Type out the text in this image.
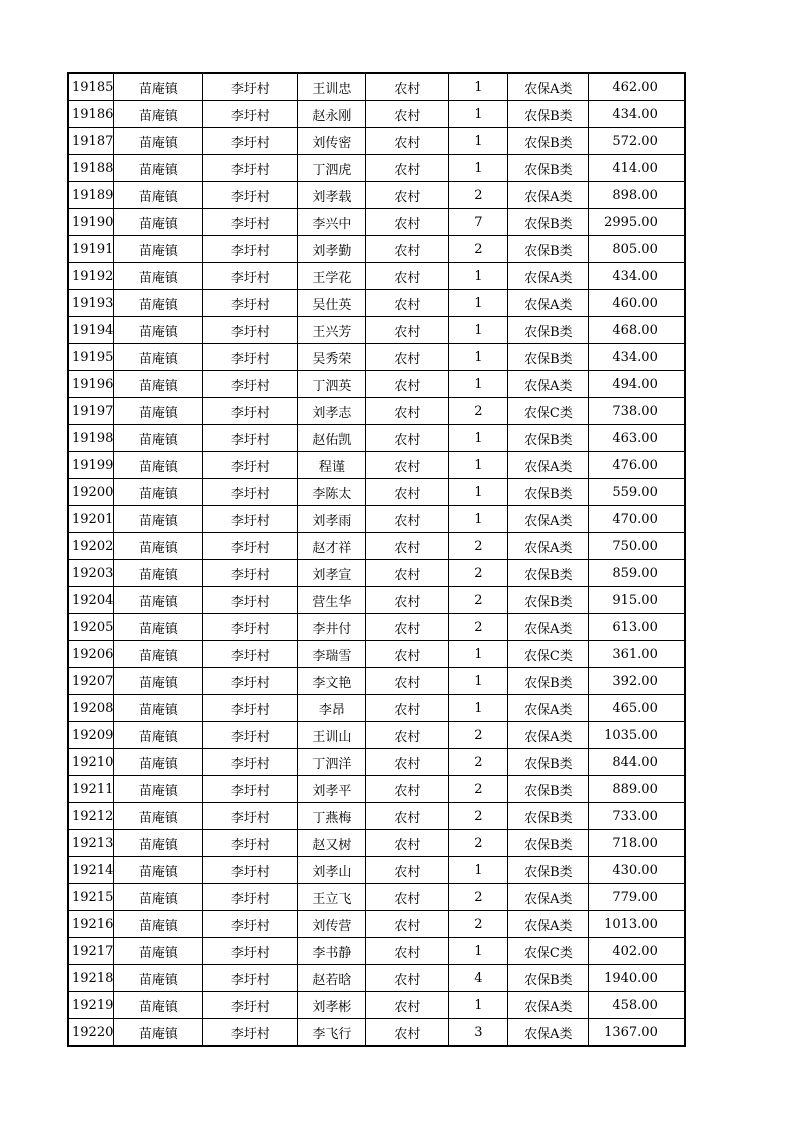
19185	苗庵镇	李圩村	王训忠	农村	1	农保A类	462.00
19186	苗庵镇	李圩村	赵永刚	农村	1	农保B类	434.00
19187	苗庵镇	李圩村	刘传密	农村	1	农保B类	572.00
19188	苗庵镇	李圩村	丁泗虎	农村	1	农保B类	414.00
19189	苗庵镇	李圩村	刘孝载	农村	2	农保A类	898.00
19190	苗庵镇	李圩村	李兴中	农村	7	农保B类	2995.00
19191	苗庵镇	李圩村	刘孝勤	农村	2	农保B类	805.00
19192	苗庵镇	李圩村	王学花	农村	1	农保A类	434.00
19193	苗庵镇	李圩村	吴仕英	农村	1	农保A类	460.00
19194	苗庵镇	李圩村	王兴芳	农村	1	农保B类	468.00
19195	苗庵镇	李圩村	吴秀荣	农村	1	农保B类	434.00
19196	苗庵镇	李圩村	丁泗英	农村	1	农保A类	494.00
19197	苗庵镇	李圩村	刘孝志	农村	2	农保C类	738.00
19198	苗庵镇	李圩村	赵佑凯	农村	1	农保B类	463.00
19199	苗庵镇	李圩村	程谨	农村	1	农保A类	476.00
19200	苗庵镇	李圩村	李陈太	农村	1	农保B类	559.00
19201	苗庵镇	李圩村	刘孝雨	农村	1	农保A类	470.00
19202	苗庵镇	李圩村	赵才祥	农村	2	农保A类	750.00
19203	苗庵镇	李圩村	刘孝宣	农村	2	农保B类	859.00
19204	苗庵镇	李圩村	营生华	农村	2	农保B类	915.00
19205	苗庵镇	李圩村	李井付	农村	2	农保A类	613.00
19206	苗庵镇	李圩村	李瑞雪	农村	1	农保C类	361.00
19207	苗庵镇	李圩村	李文艳	农村	1	农保B类	392.00
19208	苗庵镇	李圩村	李昂	农村	1	农保A类	465.00
19209	苗庵镇	李圩村	王训山	农村	2	农保A类	1035.00
19210	苗庵镇	李圩村	丁泗洋	农村	2	农保B类	844.00
19211	苗庵镇	李圩村	刘孝平	农村	2	农保B类	889.00
19212	苗庵镇	李圩村	丁燕梅	农村	2	农保B类	733.00
19213	苗庵镇	李圩村	赵又树	农村	2	农保B类	718.00
19214	苗庵镇	李圩村	刘孝山	农村	1	农保B类	430.00
19215	苗庵镇	李圩村	王立飞	农村	2	农保A类	779.00
19216	苗庵镇	李圩村	刘传营	农村	2	农保A类	1013.00
19217	苗庵镇	李圩村	李书静	农村	1	农保C类	402.00
19218	苗庵镇	李圩村	赵若晗	农村	4	农保B类	1940.00
19219	苗庵镇	李圩村	刘孝彬	农村	1	农保A类	458.00
19220	苗庵镇	李圩村	李飞行	农村	3	农保A类	1367.00
